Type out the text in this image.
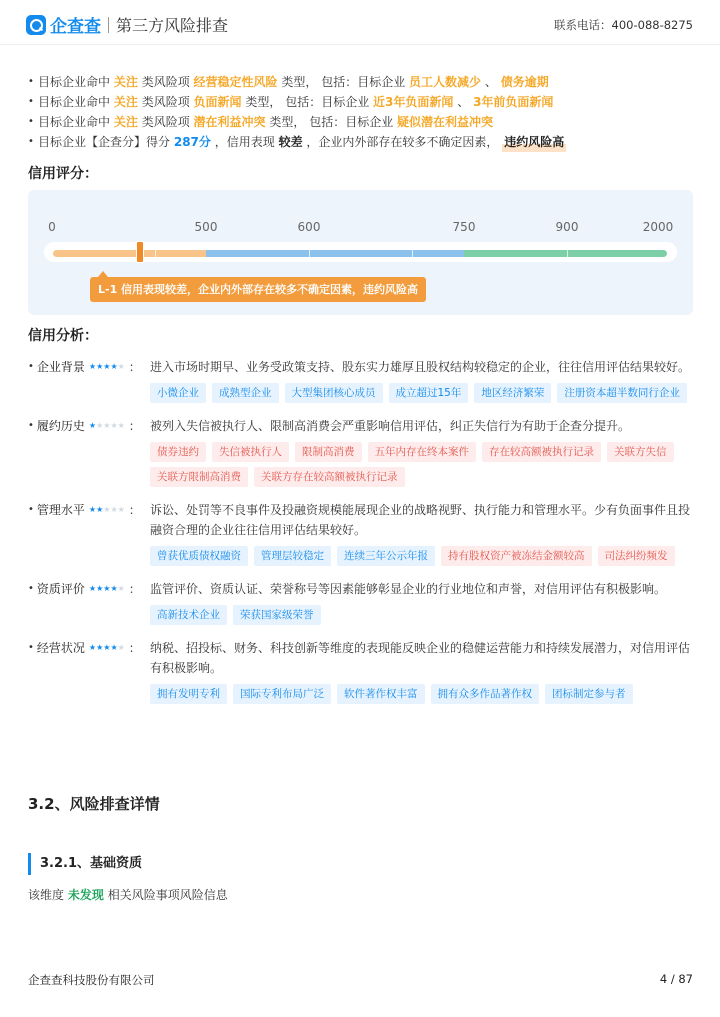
企查查 第三方风险排查	联系电话：400-088-8275
• 目标企业命中
关注
类风险项
经营稳定性风险
类型， 包括：目标企业
员工人数减少
、
债务逾期
• 目标企业命中
关注
类风险项
负面新闻
类型， 包括：目标企业
近3年负面新闻
、
3年前负面新闻
• 目标企业命中
关注
类风险项
潜在利益冲突
类型， 包括：目标企业
疑似潜在利益冲突
• 目标企业【企查分】得分
287分
，信用表现
较差
，企业内外部存在较多不确定因素，
违约风险高
信用评分：
0	500	600	750	900	2000
L-1 信用表现较差，企业内外部存在较多不确定因素，违约风险高
信用分析：
• 企业背景 ★★★★★ ： 进入市场时期早、业务受政策支持、股东实力雄厚且股权结构较稳定的企业，往往信用评估结果较好。
小微企业	成熟型企业	大型集团核心成员	成立超过15年	地区经济繁荣	注册资本超半数同行企业
• 履约历史 ★★★★★ ： 被列入失信被执行人、限制高消费会严重影响信用评估，纠正失信行为有助于企查分提升。
债券违约	失信被执行人	限制高消费	五年内存在终本案件	存在较高额被执行记录	关联方失信
关联方限制高消费	关联方存在较高额被执行记录
• 管理水平 ★★★★★ ： 诉讼、处罚等不良事件及投融资规模能展现企业的战略视野、执行能力和管理水平。少有负面事件且投融资合理的企业往往信用评估结果较好。
曾获优质债权融资	管理层较稳定	连续三年公示年报	持有股权资产被冻结金额较高	司法纠纷频发
• 资质评价 ★★★★★ ： 监管评价、资质认证、荣誉称号等因素能够彰显企业的行业地位和声誉，对信用评估有积极影响。
高新技术企业	荣获国家级荣誉
• 经营状况 ★★★★★ ： 纳税、招投标、财务、科技创新等维度的表现能反映企业的稳健运营能力和持续发展潜力，对信用评估有积极影响。
拥有发明专利	国际专利布局广泛	软件著作权丰富	拥有众多作品著作权	团标制定参与者
3.2、风险排查详情
3.2.1、基础资质
该维度 未发现 相关风险事项风险信息
企查查科技股份有限公司	4 / 87
